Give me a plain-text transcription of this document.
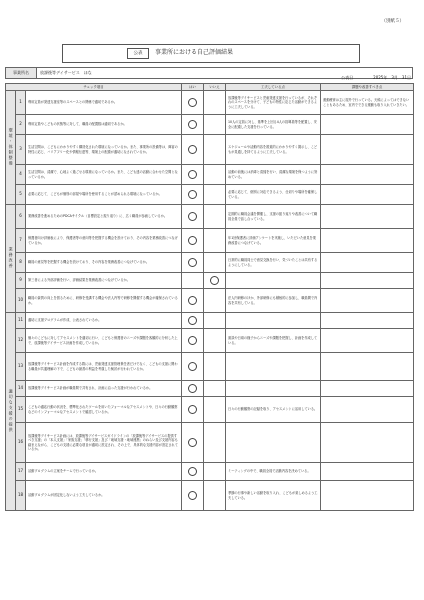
（別紙５）
公表	事業所における自己評価結果
事業所名	放課後等デイサービス　ほな
公表日　　　　　2025年　3月　31日
チェック項目			はい	いいえ	工夫している点	課題や改善すべき点
環境・体制整備	1	利用定員が発達支援室等のスペースとの関係で適切であるか。			放課後等デイサービスと児童発達支援を行っているが、それぞれのスペースを分けて、子どもの特性に応じた活動ができるように工夫している。	運動療育は主に屋外で行っている。天候によってはできないこともあるため、室内でできる運動も取り入れていきたい。
	2	利用定員やこどもの状態等に対して、職員の配置数は適切であるか。			10人の定員に対し、基準を上回る4人の指導員等を配置し、安全に配慮した支援を行っている。	
	3	生活空間は、こどもにわかりやすく構造化された環境になっているか。また、事業所の設備等は、障害の特性に応じ、バリアフリー化や情報伝達等、環境上の配慮が適切になされているか。			スケジュールや活動内容を視覚的にわかりやすく掲示し、こどもが見通しを持てるように工夫している。	
	4	生活空間は、清潔で、心地よく過ごせる環境になっているか。また、こども達の活動に合わせた空間となっているか。			活動の前後には消毒と清掃を行い、清潔な環境を保つように努めている。	
	5	必要に応じて、こどもが個別の部屋や場所を使用することが認められる環境になっているか。			必要に応じて、個別に対応できるよう、仕切りや場所を確保している。	
業務改善	6	業務改善を進めるためのPDCAサイクル（目標設定と振り返り）に、広く職員が参画しているか。			定期的に職員会議を開催し、支援の振り返りや改善について職員全員で話し合っている。	
	7	保護者向け評価表により、保護者等の意向等を把握する機会を設けており、その内容を業務改善につなげているか。			年1回保護者に評価アンケートを実施し、いただいた意見を業務改善につなげている。	
	8	職員の意見等を把握する機会を設けており、その内容を業務改善につなげているか。			日常的に職員同士で意見交換を行い、気づいたことは共有するようにしている。	
	9	第三者による外部評価を行い、評価結果を業務改善につなげているか。				
	10	職員の資質の向上を図るために、研修を受講する機会や法人内等で研修を開催する機会が確保されているか。			法人内研修のほか、外部研修にも積極的に参加し、職員間で内容を共有している。	
適切な支援の提供	11	適切に支援プログラムが作成、公表されているか。				
	12	個々のこどもに対してアセスメントを適切に行い、こどもと保護者のニーズや課題を客観的に分析した上で、放課後等デイサービス計画を作成しているか。			面談や日頃の様子からニーズや課題を把握し、計画を作成している。	
	13	放課後等デイサービス計画を作成する際には、児童発達支援管理責任者だけでなく、こどもの支援に関わる職員が共通理解の下で、こどもの最善の利益を考慮した検討が行われているか。				
	14	放課後等デイサービス計画が職員間で共有され、計画に沿った支援が行われているか。				
	15	こどもの適応行動の状況を、標準化されたツールを用いたフォーマルなアセスメントや、日々の行動観察などのインフォーマルなアセスメントで確認しているか。			日々の行動観察の記録を取り、アセスメントに活用している。	
	16	放課後等デイサービス計画には、放課後等デイサービスガイドラインの「放課後等デイサービスの提供すべき支援」の「本人支援」「家族支援」「移行支援」及び「地域支援・地域連携」のねらい及び支援内容も踏まえながら、こどもの支援に必要な項目が適切に設定され、その上で、具体的な支援内容が設定されているか。				
	17	活動プログラムの立案をチームで行っているか。			ミーティングの中で、職員全員で活動内容を決めている。	
	18	活動プログラムが固定化しないよう工夫しているか。			季節の行事や新しい活動を取り入れ、こどもが楽しめるよう工夫している。	
